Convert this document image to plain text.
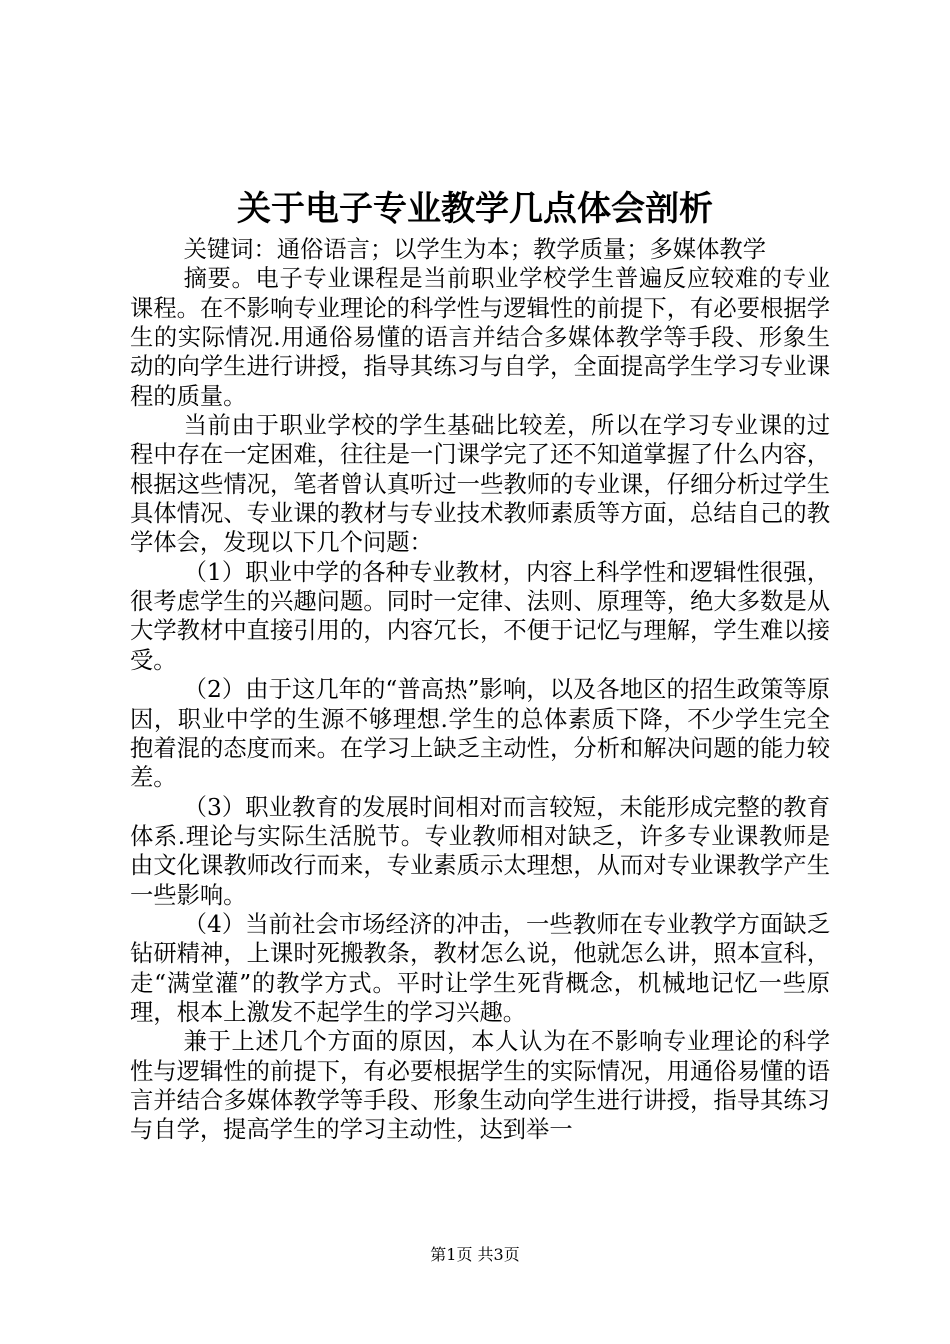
关于电子专业教学几点体会剖析

关键词：通俗语言；以学生为本；教学质量；多媒体教学

摘要。电子专业课程是当前职业学校学生普遍反应较难的专业课程。在不影响专业理论的科学性与逻辑性的前提下，有必要根据学生的实际情况.用通俗易懂的语言并结合多媒体教学等手段、形象生动的向学生进行讲授，指导其练习与自学，全面提高学生学习专业课程的质量。

当前由于职业学校的学生基础比较差，所以在学习专业课的过程中存在一定困难，往往是一门课学完了还不知道掌握了什么内容，根据这些情况，笔者曾认真听过一些教师的专业课，仔细分析过学生具体情况、专业课的教材与专业技术教师素质等方面，总结自己的教学体会，发现以下几个问题：

（1）职业中学的各种专业教材，内容上科学性和逻辑性很强，很考虑学生的兴趣问题。同时一定律、法则、原理等，绝大多数是从大学教材中直接引用的，内容冗长，不便于记忆与理解，学生难以接受。

（2）由于这几年的“普高热”影响，以及各地区的招生政策等原因，职业中学的生源不够理想.学生的总体素质下降，不少学生完全抱着混的态度而来。在学习上缺乏主动性，分析和解决问题的能力较差。

（3）职业教育的发展时间相对而言较短，未能形成完整的教育体系.理论与实际生活脱节。专业教师相对缺乏，许多专业课教师是由文化课教师改行而来，专业素质示太理想，从而对专业课教学产生一些影响。

（4）当前社会市场经济的冲击，一些教师在专业教学方面缺乏钻研精神，上课时死搬教条，教材怎么说，他就怎么讲，照本宣科，走“满堂灌”的教学方式。平时让学生死背概念，机械地记忆一些原理，根本上激发不起学生的学习兴趣。

兼于上述几个方面的原因，本人认为在不影响专业理论的科学性与逻辑性的前提下，有必要根据学生的实际情况，用通俗易懂的语言并结合多媒体教学等手段、形象生动向学生进行讲授，指导其练习与自学，提高学生的学习主动性，达到举一

第1页 共3页
